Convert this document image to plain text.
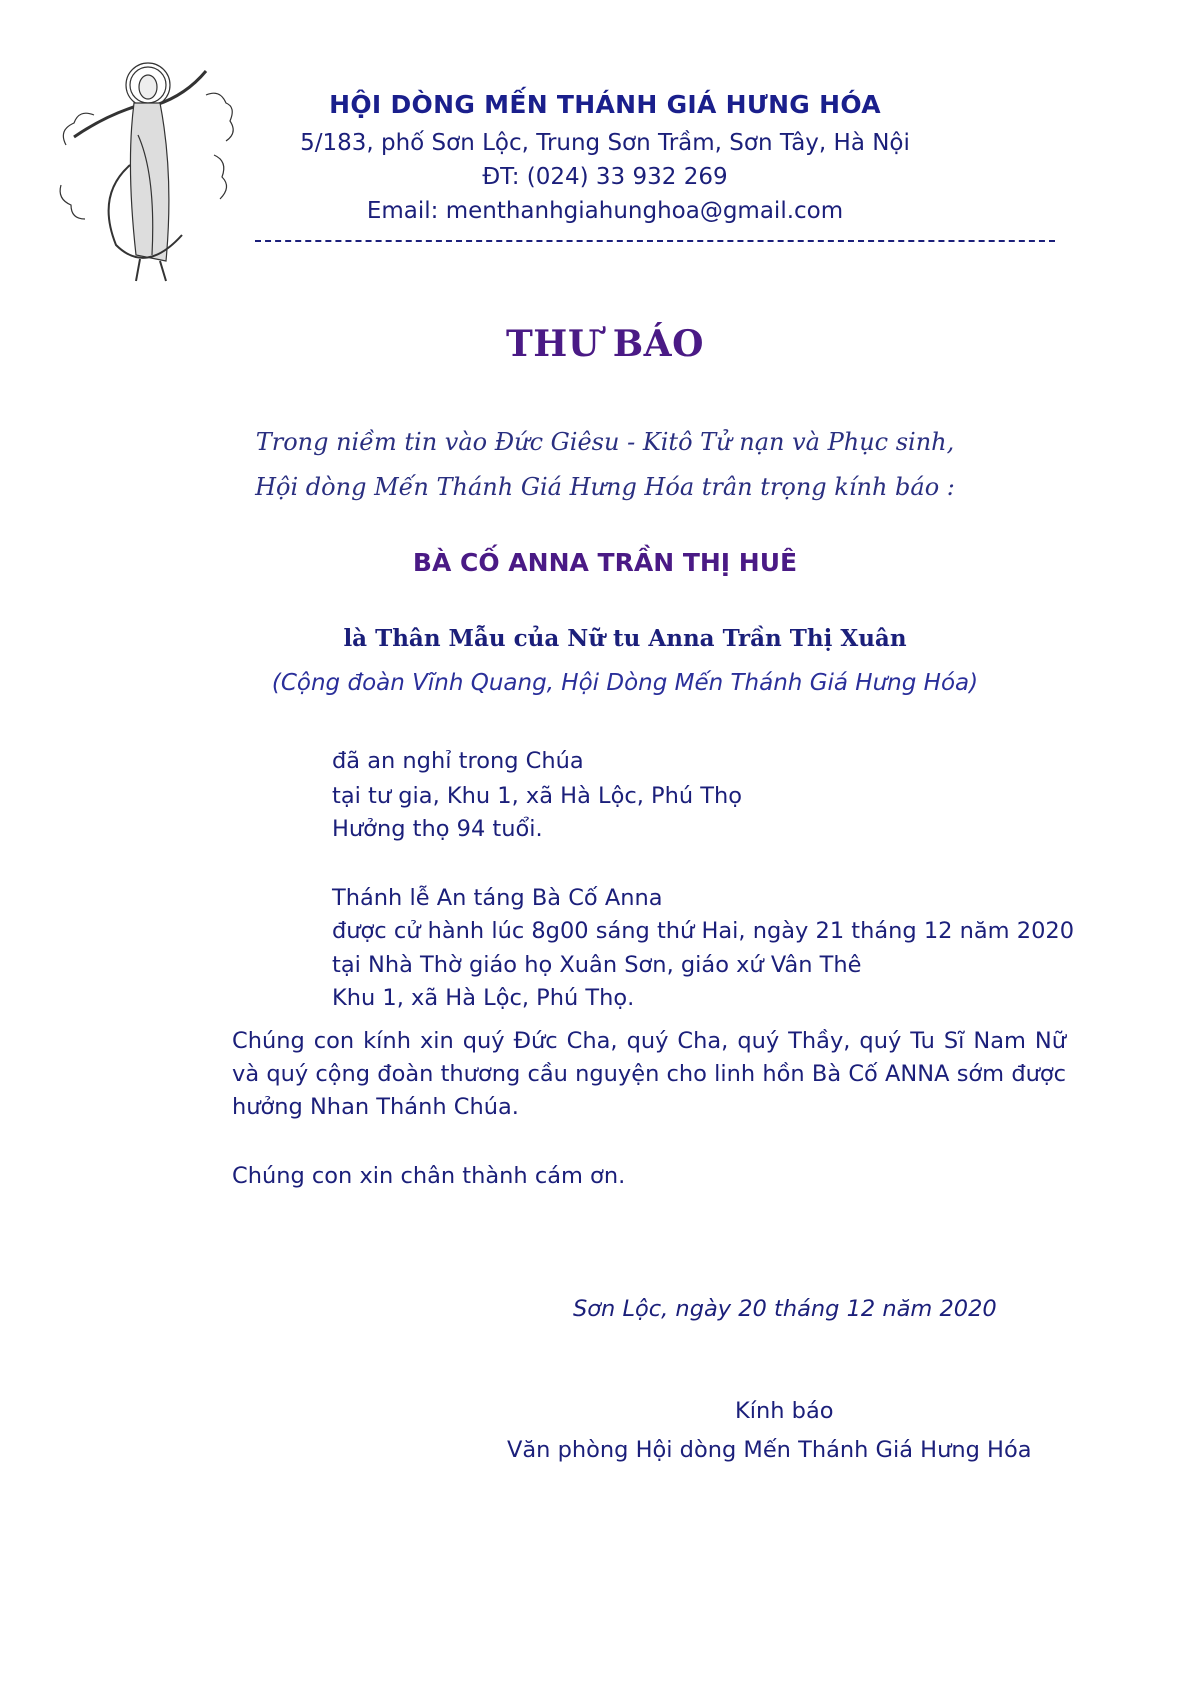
HỘI DÒNG MẾN THÁNH GIÁ HƯNG HÓA
5/183, phố Sơn Lộc, Trung Sơn Trầm, Sơn Tây, Hà Nội
ĐT: (024) 33 932 269
Email: menthanhgiahunghoa@gmail.com
THƯ BÁO
Trong niềm tin vào Đức Giêsu - Kitô Tử nạn và Phục sinh,
Hội dòng Mến Thánh Giá Hưng Hóa trân trọng kính báo :
BÀ CỐ ANNA TRẦN THỊ HUÊ
là Thân Mẫu của Nữ tu Anna Trần Thị Xuân
(Cộng đoàn Vĩnh Quang, Hội Dòng Mến Thánh Giá Hưng Hóa)
đã an nghỉ trong Chúa
tại tư gia, Khu 1, xã Hà Lộc, Phú Thọ
Hưởng thọ 94 tuổi.
Thánh lễ An táng Bà Cố Anna
được cử hành lúc 8g00 sáng thứ Hai, ngày 21 tháng 12 năm 2020
tại Nhà Thờ giáo họ Xuân Sơn, giáo xứ Vân Thê
Khu 1, xã Hà Lộc, Phú Thọ.
Chúng con kính xin quý Đức Cha, quý Cha, quý Thầy, quý Tu Sĩ Nam Nữ và quý cộng đoàn thương cầu nguyện cho linh hồn Bà Cố ANNA sớm được hưởng Nhan Thánh Chúa.
Chúng con xin chân thành cám ơn.
Sơn Lộc, ngày 20 tháng 12 năm 2020
Kính báo
Văn phòng Hội dòng Mến Thánh Giá Hưng Hóa
